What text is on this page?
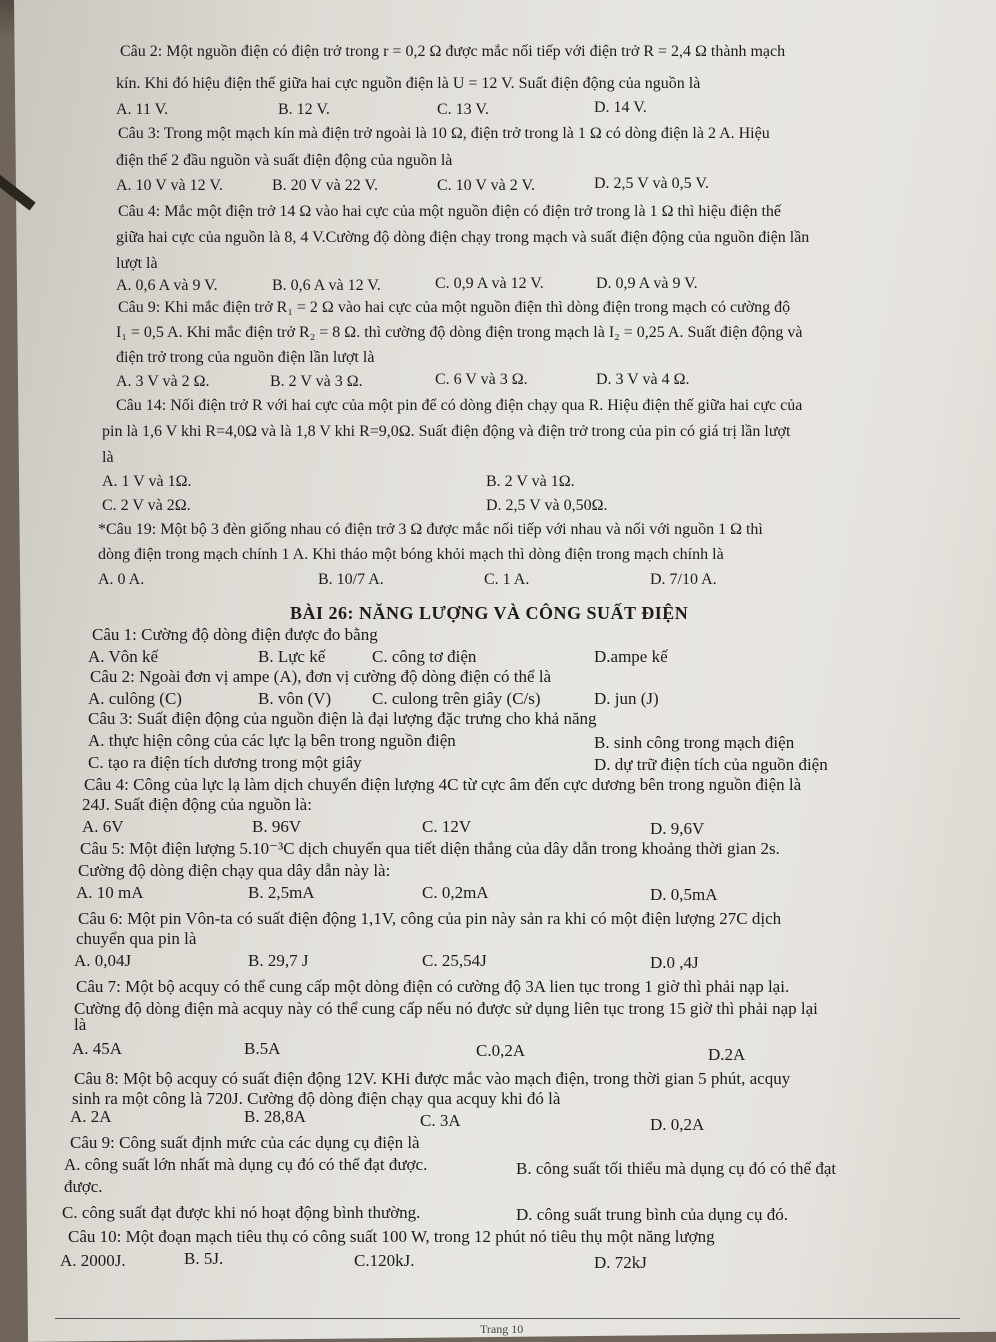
Câu 2: Một nguồn điện có điện trở trong r = 0,2 Ω được mắc nối tiếp với điện trở R = 2,4 Ω thành mạch
kín. Khi đó hiệu điện thế giữa hai cực nguồn điện là U = 12 V. Suất điện động của nguồn là
A. 11 V.	B. 12 V.	C. 13 V.	D. 14 V.
Câu 3: Trong một mạch kín mà điện trở ngoài là 10 Ω, điện trở trong là 1 Ω có dòng điện là 2 A. Hiệu
điện thế 2 đầu nguồn và suất điện động của nguồn là
A. 10 V và 12 V.	B. 20 V và 22 V.	C. 10 V và 2 V.	D. 2,5 V và 0,5 V.
Câu 4: Mắc một điện trở 14 Ω vào hai cực của một nguồn điện có điện trở trong là 1 Ω thì hiệu điện thế
giữa hai cực của nguồn là 8, 4 V.Cường độ dòng điện chạy trong mạch và suất điện động của nguồn điện lần
lượt là
A. 0,6 A và 9 V.	B. 0,6 A và 12 V.	C. 0,9 A và 12 V.	D. 0,9 A và 9 V.
Câu 9: Khi mắc điện trở R₁ = 2 Ω vào hai cực của một nguồn điện thì dòng điện trong mạch có cường độ
I₁ = 0,5 A. Khi mắc điện trở R₂ = 8 Ω. thì cường độ dòng điện trong mạch là I₂ = 0,25 A. Suất điện động và
điện trở trong của nguồn điện lần lượt là
A. 3 V và 2 Ω.	B. 2 V và 3 Ω.	C. 6 V và 3 Ω.	D. 3 V và 4 Ω.
Câu 14: Nối điện trở R với hai cực của một pin để có dòng điện chạy qua R. Hiệu điện thế giữa hai cực của
pin là 1,6 V khi R=4,0Ω và là 1,8 V khi R=9,0Ω. Suất điện động và điện trở trong của pin có giá trị lần lượt
là
A. 1 V và 1Ω.	B. 2 V và 1Ω.
C. 2 V và 2Ω.	D. 2,5 V và 0,50Ω.
*Câu 19: Một bộ 3 đèn giống nhau có điện trở 3 Ω được mắc nối tiếp với nhau và nối với nguồn 1 Ω thì
dòng điện trong mạch chính 1 A. Khi tháo một bóng khỏi mạch thì dòng điện trong mạch chính là
A. 0 A.	B. 10/7 A.	C. 1 A.	D. 7/10 A.
BÀI 26: NĂNG LƯỢNG VÀ CÔNG SUẤT ĐIỆN
Câu 1: Cường độ dòng điện được đo bằng
A. Vôn kế	B. Lực kế	C. công tơ điện	D.ampe kế
Câu 2: Ngoài đơn vị ampe (A), đơn vị cường độ dòng điện có thể là
A. culông (C)	B. vôn (V) C. culong trên giây (C/s)	D. jun (J)
Câu 3: Suất điện động của nguồn điện là đại lượng đặc trưng cho khả năng
A. thực hiện công của các lực lạ bên trong nguồn điện	B. sinh công trong mạch điện
C. tạo ra điện tích dương trong một giây	D. dự trữ điện tích của nguồn điện
Câu 4: Công của lực lạ làm dịch chuyển điện lượng 4C từ cực âm đến cực dương bên trong nguồn điện là
24J. Suất điện động của nguồn là:
A. 6V	B. 96V	C. 12V	D. 9,6V
Câu 5: Một điện lượng 5.10⁻³C dịch chuyển qua tiết diện thẳng của dây dẫn trong khoảng thời gian 2s.
Cường độ dòng điện chạy qua dây dẫn này là:
A. 10 mA	B. 2,5mA	C. 0,2mA	D. 0,5mA
Câu 6: Một pin Vôn-ta có suất điện động 1,1V, công của pin này sản ra khi có một điện lượng 27C dịch
chuyển qua pin là
A. 0,04J	B. 29,7 J	C. 25,54J	D.0 ,4J
Câu 7: Một bộ acquy có thể cung cấp một dòng điện có cường độ 3A lien tục trong 1 giờ thì phải nạp lại.
Cường độ dòng điện mà acquy này có thể cung cấp nếu nó được sử dụng liên tục trong 15 giờ thì phải nạp lại
là
A. 45A	B.5A	C.0,2A	D.2A
Câu 8: Một bộ acquy có suất điện động 12V. KHi được mắc vào mạch điện, trong thời gian 5 phút, acquy
sinh ra một công là 720J. Cường độ dòng điện chạy qua acquy khi đó là
A. 2A	B. 28,8A	C. 3A	D. 0,2A
Câu 9: Công suất định mức của các dụng cụ điện là
A. công suất lớn nhất mà dụng cụ đó có thể đạt được.	B. công suất tối thiểu mà dụng cụ đó có thể đạt
được.
C. công suất đạt được khi nó hoạt động bình thường.	D. công suất trung bình của dụng cụ đó.
Câu 10: Một đoạn mạch tiêu thụ có công suất 100 W, trong 12 phút nó tiêu thụ một năng lượng
A. 2000J.	B. 5J.	C.120kJ.	D. 72kJ
Trang 10
